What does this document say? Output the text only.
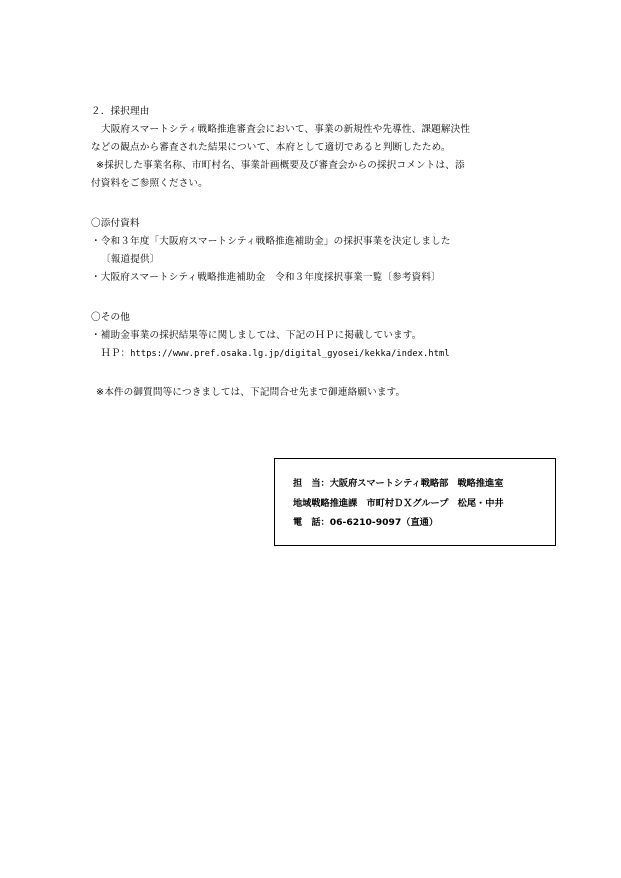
２．採択理由
大阪府スマートシティ戦略推進審査会において、事業の新規性や先導性、課題解決性
などの観点から審査された結果について、本府として適切であると判断したため。
※採択した事業名称、市町村名、事業計画概要及び審査会からの採択コメントは、添
付資料をご参照ください。
〇添付資料
・令和３年度「大阪府スマートシティ戦略推進補助金」の採択事業を決定しました
〔報道提供〕
・大阪府スマートシティ戦略推進補助金　令和３年度採択事業一覧〔参考資料〕
〇その他
・補助金事業の採択結果等に関しましては、下記のＨＰに掲載しています。
ＨＰ：https://www.pref.osaka.lg.jp/digital_gyosei/kekka/index.html
※本件の御質問等につきましては、下記問合せ先まで御連絡願います。
担　当：大阪府スマートシティ戦略部　戦略推進室
地域戦略推進課　市町村ＤＸグループ　松尾・中井
電　話：06-6210-9097（直通）
